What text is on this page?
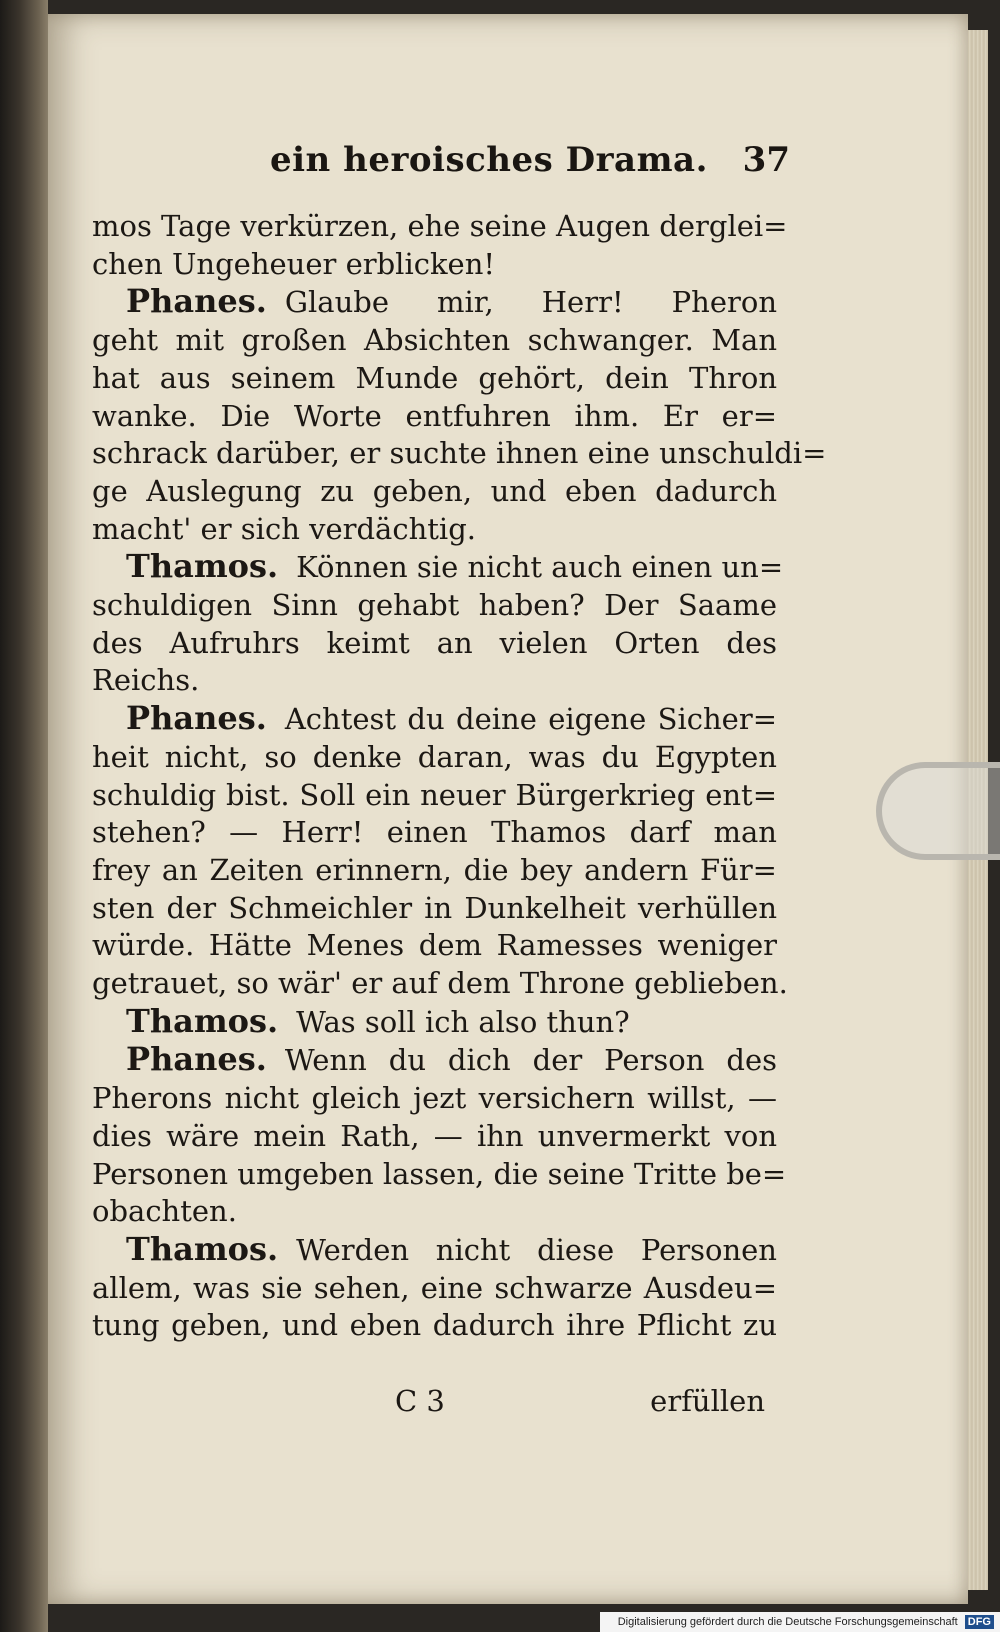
ein heroisches Drama. 37
mos Tage verkürzen, ehe seine Augen derglei=
chen Ungeheuer erblicken!
Phanes. Glaube mir, Herr! Pheron
geht mit großen Absichten schwanger. Man
hat aus seinem Munde gehört, dein Thron
wanke. Die Worte entfuhren ihm. Er er=
schrack darüber, er suchte ihnen eine unschuldi=
ge Auslegung zu geben, und eben dadurch
macht' er sich verdächtig.
Thamos. Können sie nicht auch einen un=
schuldigen Sinn gehabt haben? Der Saame
des Aufruhrs keimt an vielen Orten des
Reichs.
Phanes. Achtest du deine eigene Sicher=
heit nicht, so denke daran, was du Egypten
schuldig bist. Soll ein neuer Bürgerkrieg ent=
stehen? — Herr! einen Thamos darf man
frey an Zeiten erinnern, die bey andern Für=
sten der Schmeichler in Dunkelheit verhüllen
würde. Hätte Menes dem Ramesses weniger
getrauet, so wär' er auf dem Throne geblieben.
Thamos. Was soll ich also thun?
Phanes. Wenn du dich der Person des
Pherons nicht gleich jezt versichern willst, —
dies wäre mein Rath, — ihn unvermerkt von
Personen umgeben lassen, die seine Tritte be=
obachten.
Thamos. Werden nicht diese Personen
allem, was sie sehen, eine schwarze Ausdeu=
tung geben, und eben dadurch ihre Pflicht zu
C 3	erfüllen
Digitalisierung gefördert durch die Deutsche Forschungsgemeinschaft DFG
